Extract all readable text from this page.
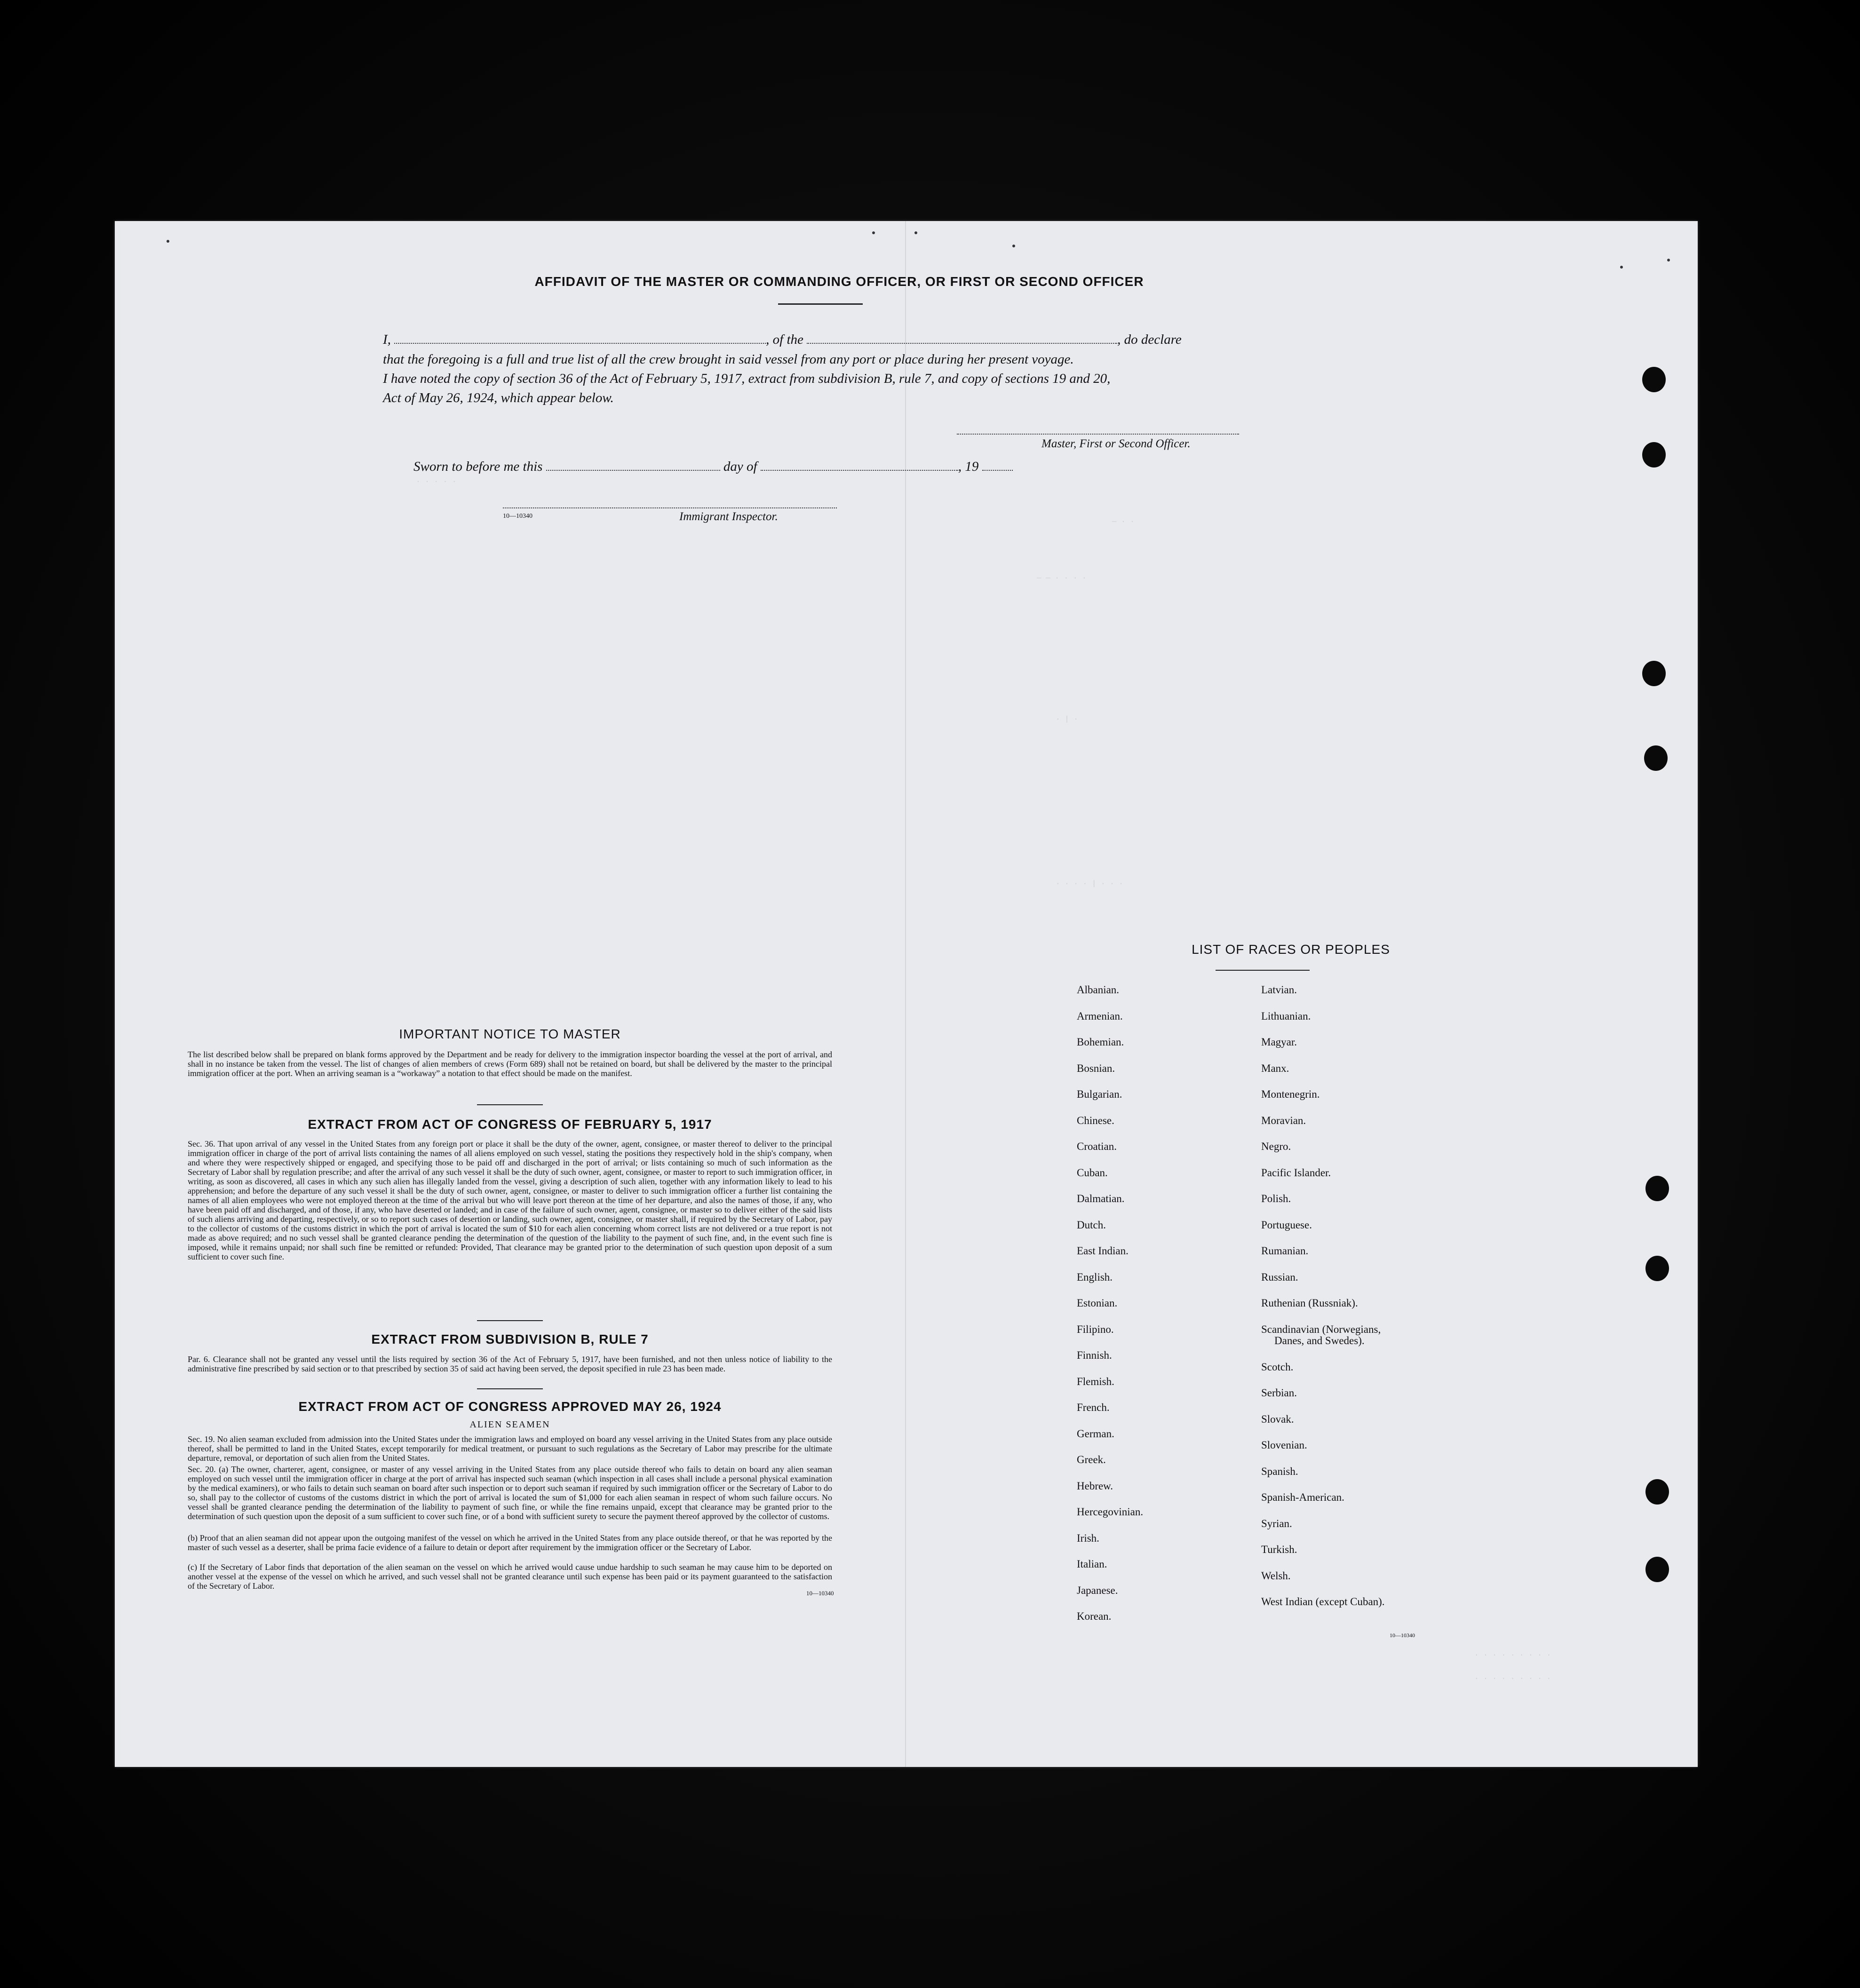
· · · · ·
— · ·
— — · · · ·
· | ·
· · · · | · · ·
· · · · · · · · ·
· · · · · · · · ·
AFFIDAVIT OF THE MASTER OR COMMANDING OFFICER, OR FIRST OR SECOND OFFICER
I,	, of the	, do declare
that the foregoing is a full and true list of all the crew brought in said vessel from any port or place during her present voyage.
I have noted the copy of section 36 of the Act of February 5, 1917, extract from subdivision B, rule 7, and copy of sections 19 and 20,
Act of May 26, 1924, which appear below.
Master, First or Second Officer.
Sworn to before me this	day of	, 19
10—10340	Immigrant Inspector.
IMPORTANT NOTICE TO MASTER
The list described below shall be prepared on blank forms approved by the Department and be ready for delivery to the immigration inspector boarding the vessel at the port of arrival, and shall in no instance be taken from the vessel. The list of changes of alien members of crews (Form 689) shall not be retained on board, but shall be delivered by the master to the principal immigration officer at the port. When an arriving seaman is a “workaway” a notation to that effect should be made on the manifest.
EXTRACT FROM ACT OF CONGRESS OF FEBRUARY 5, 1917
Sec. 36. That upon arrival of any vessel in the United States from any foreign port or place it shall be the duty of the owner, agent, consignee, or master thereof to deliver to the principal immigration officer in charge of the port of arrival lists containing the names of all aliens employed on such vessel, stating the positions they respectively hold in the ship's company, when and where they were respectively shipped or engaged, and specifying those to be paid off and discharged in the port of arrival; or lists containing so much of such information as the Secretary of Labor shall by regulation prescribe; and after the arrival of any such vessel it shall be the duty of such owner, agent, consignee, or master to report to such immigration officer, in writing, as soon as discovered, all cases in which any such alien has illegally landed from the vessel, giving a description of such alien, together with any information likely to lead to his apprehension; and before the departure of any such vessel it shall be the duty of such owner, agent, consignee, or master to deliver to such immigration officer a further list containing the names of all alien employees who were not employed thereon at the time of the arrival but who will leave port thereon at the time of her departure, and also the names of those, if any, who have been paid off and discharged, and of those, if any, who have deserted or landed; and in case of the failure of such owner, agent, consignee, or master so to deliver either of the said lists of such aliens arriving and departing, respectively, or so to report such cases of desertion or landing, such owner, agent, consignee, or master shall, if required by the Secretary of Labor, pay to the collector of customs of the customs district in which the port of arrival is located the sum of $10 for each alien concerning whom correct lists are not delivered or a true report is not made as above required; and no such vessel shall be granted clearance pending the determination of the question of the liability to the payment of such fine, and, in the event such fine is imposed, while it remains unpaid; nor shall such fine be remitted or refunded: Provided, That clearance may be granted prior to the determination of such question upon deposit of a sum sufficient to cover such fine.
EXTRACT FROM SUBDIVISION B, RULE 7
Par. 6. Clearance shall not be granted any vessel until the lists required by section 36 of the Act of February 5, 1917, have been furnished, and not then unless notice of liability to the administrative fine prescribed by said section or to that prescribed by section 35 of said act having been served, the deposit specified in rule 23 has been made.
EXTRACT FROM ACT OF CONGRESS APPROVED MAY 26, 1924
ALIEN SEAMEN
Sec. 19. No alien seaman excluded from admission into the United States under the immigration laws and employed on board any vessel arriving in the United States from any place outside thereof, shall be permitted to land in the United States, except temporarily for medical treatment, or pursuant to such regulations as the Secretary of Labor may prescribe for the ultimate departure, removal, or deportation of such alien from the United States.
Sec. 20. (a) The owner, charterer, agent, consignee, or master of any vessel arriving in the United States from any place outside thereof who fails to detain on board any alien seaman employed on such vessel until the immigration officer in charge at the port of arrival has inspected such seaman (which inspection in all cases shall include a personal physical examination by the medical examiners), or who fails to detain such seaman on board after such inspection or to deport such seaman if required by such immigration officer or the Secretary of Labor to do so, shall pay to the collector of customs of the customs district in which the port of arrival is located the sum of $1,000 for each alien seaman in respect of whom such failure occurs. No vessel shall be granted clearance pending the determination of the liability to payment of such fine, or while the fine remains unpaid, except that clearance may be granted prior to the determination of such question upon the deposit of a sum sufficient to cover such fine, or of a bond with sufficient surety to secure the payment thereof approved by the collector of customs.
(b) Proof that an alien seaman did not appear upon the outgoing manifest of the vessel on which he arrived in the United States from any place outside thereof, or that he was reported by the master of such vessel as a deserter, shall be prima facie evidence of a failure to detain or deport after requirement by the immigration officer or the Secretary of Labor.
(c) If the Secretary of Labor finds that deportation of the alien seaman on the vessel on which he arrived would cause undue hardship to such seaman he may cause him to be deported on another vessel at the expense of the vessel on which he arrived, and such vessel shall not be granted clearance until such expense has been paid or its payment guaranteed to the satisfaction of the Secretary of Labor.
10—10340
LIST OF RACES OR PEOPLES
10—10340
Albanian.
Armenian.
Bohemian.
Bosnian.
Bulgarian.
Chinese.
Croatian.
Cuban.
Dalmatian.
Dutch.
East Indian.
English.
Estonian.
Filipino.
Finnish.
Flemish.
French.
German.
Greek.
Hebrew.
Hercegovinian.
Irish.
Italian.
Japanese.
Korean.
Latvian.
Lithuanian.
Magyar.
Manx.
Montenegrin.
Moravian.
Negro.
Pacific Islander.
Polish.
Portuguese.
Rumanian.
Russian.
Ruthenian (Russniak).
Scandinavian (Norwegians,
Danes, and Swedes).
Scotch.
Serbian.
Slovak.
Slovenian.
Spanish.
Spanish-American.
Syrian.
Turkish.
Welsh.
West Indian (except Cuban).
